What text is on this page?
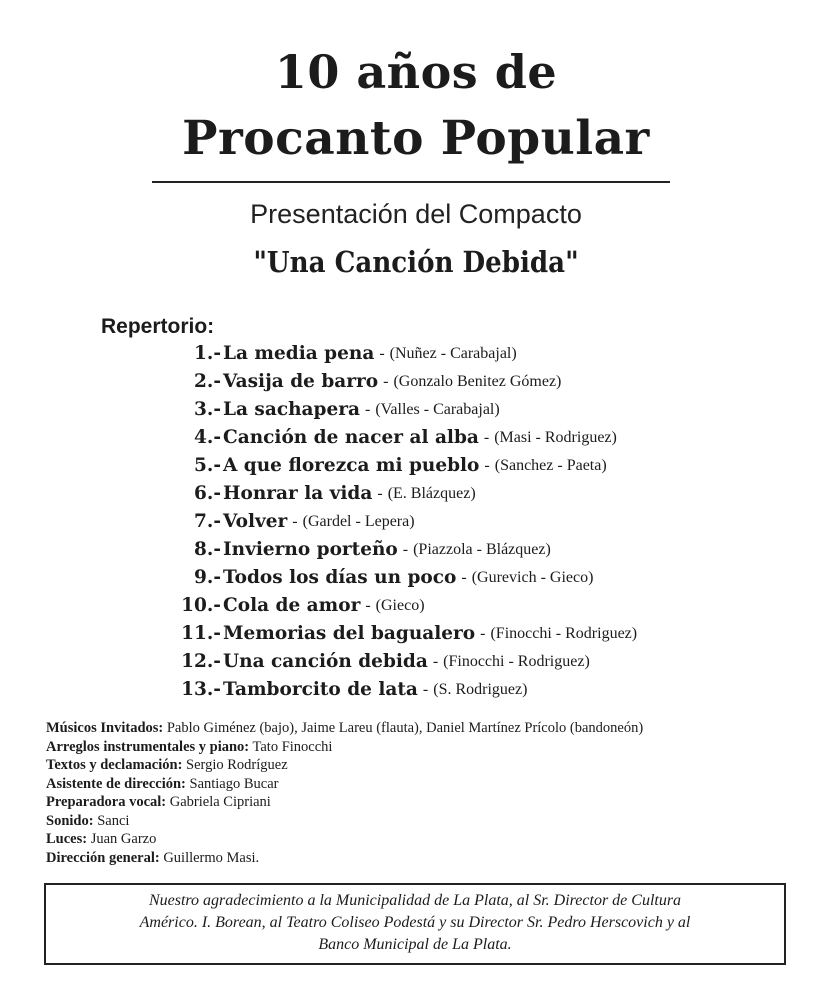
10 años de
Procanto Popular
Presentación del Compacto
"Una Canción Debida"
Repertorio:
1.- La media pena - (Nuñez - Carabajal)
2.- Vasija de barro - (Gonzalo Benitez Gómez)
3.- La sachapera - (Valles - Carabajal)
4.- Canción de nacer al alba - (Masi - Rodriguez)
5.- A que florezca mi pueblo - (Sanchez - Paeta)
6.- Honrar la vida - (E. Blázquez)
7.- Volver - (Gardel - Lepera)
8.- Invierno porteño - (Piazzola - Blázquez)
9.- Todos los días un poco - (Gurevich - Gieco)
10.- Cola de amor - (Gieco)
11.- Memorias del bagualero - (Finocchi - Rodriguez)
12.- Una canción debida - (Finocchi - Rodriguez)
13.- Tamborcito de lata - (S. Rodriguez)
Músicos Invitados: Pablo Giménez (bajo), Jaime Lareu (flauta), Daniel Martínez Prícolo (bandoneón)
Arreglos instrumentales y piano: Tato Finocchi
Textos y declamación: Sergio Rodríguez
Asistente de dirección: Santiago Bucar
Preparadora vocal: Gabriela Cipriani
Sonido: Sanci
Luces: Juan Garzo
Dirección general: Guillermo Masi.
Nuestro agradecimiento a la Municipalidad de La Plata, al Sr. Director de Cultura
Américo. I. Borean, al Teatro Coliseo Podestá y su Director Sr. Pedro Herscovich y al
Banco Municipal de La Plata.
